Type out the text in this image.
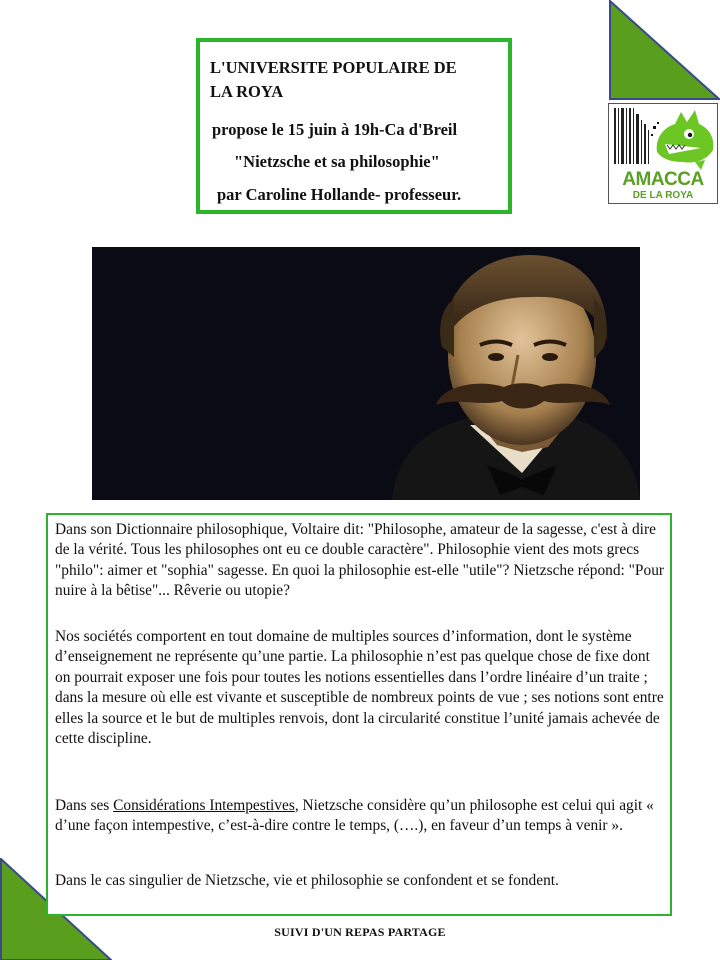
AMACCA
DE LA ROYA
L'UNIVERSITE POPULAIRE DE
LA ROYA
propose le 15 juin à 19h-Ca d'Breil
"Nietzsche et sa philosophie"
par Caroline Hollande- professeur.

Dans son Dictionnaire philosophique, Voltaire dit: "Philosophe, amateur de la sagesse, c'est à dire de la vérité. Tous les philosophes ont eu ce double caractère". Philosophie vient des mots grecs "philo": aimer et "sophia" sagesse. En quoi la philosophie est-elle "utile"? Nietzsche répond: "Pour nuire à la bêtise"... Rêverie ou utopie?

Nos sociétés comportent en tout domaine de multiples sources d’information, dont le système d’enseignement ne représente qu’une partie. La philosophie n’est pas quelque chose de fixe dont on pourrait exposer une fois pour toutes les notions essentielles dans l’ordre linéaire d’un traite ; dans la mesure où elle est vivante et susceptible de nombreux points de vue ; ses notions sont entre elles la source et le but de multiples renvois, dont la circularité constitue l’unité jamais achevée de cette discipline.

Dans ses Considérations Intempestives, Nietzsche considère qu’un philosophe est celui qui agit « d’une façon intempestive, c’est-à-dire contre le temps, (….), en faveur d’un temps à venir ».

Dans le cas singulier de Nietzsche, vie et philosophie se confondent et se fondent.

SUIVI D'UN REPAS PARTAGE
